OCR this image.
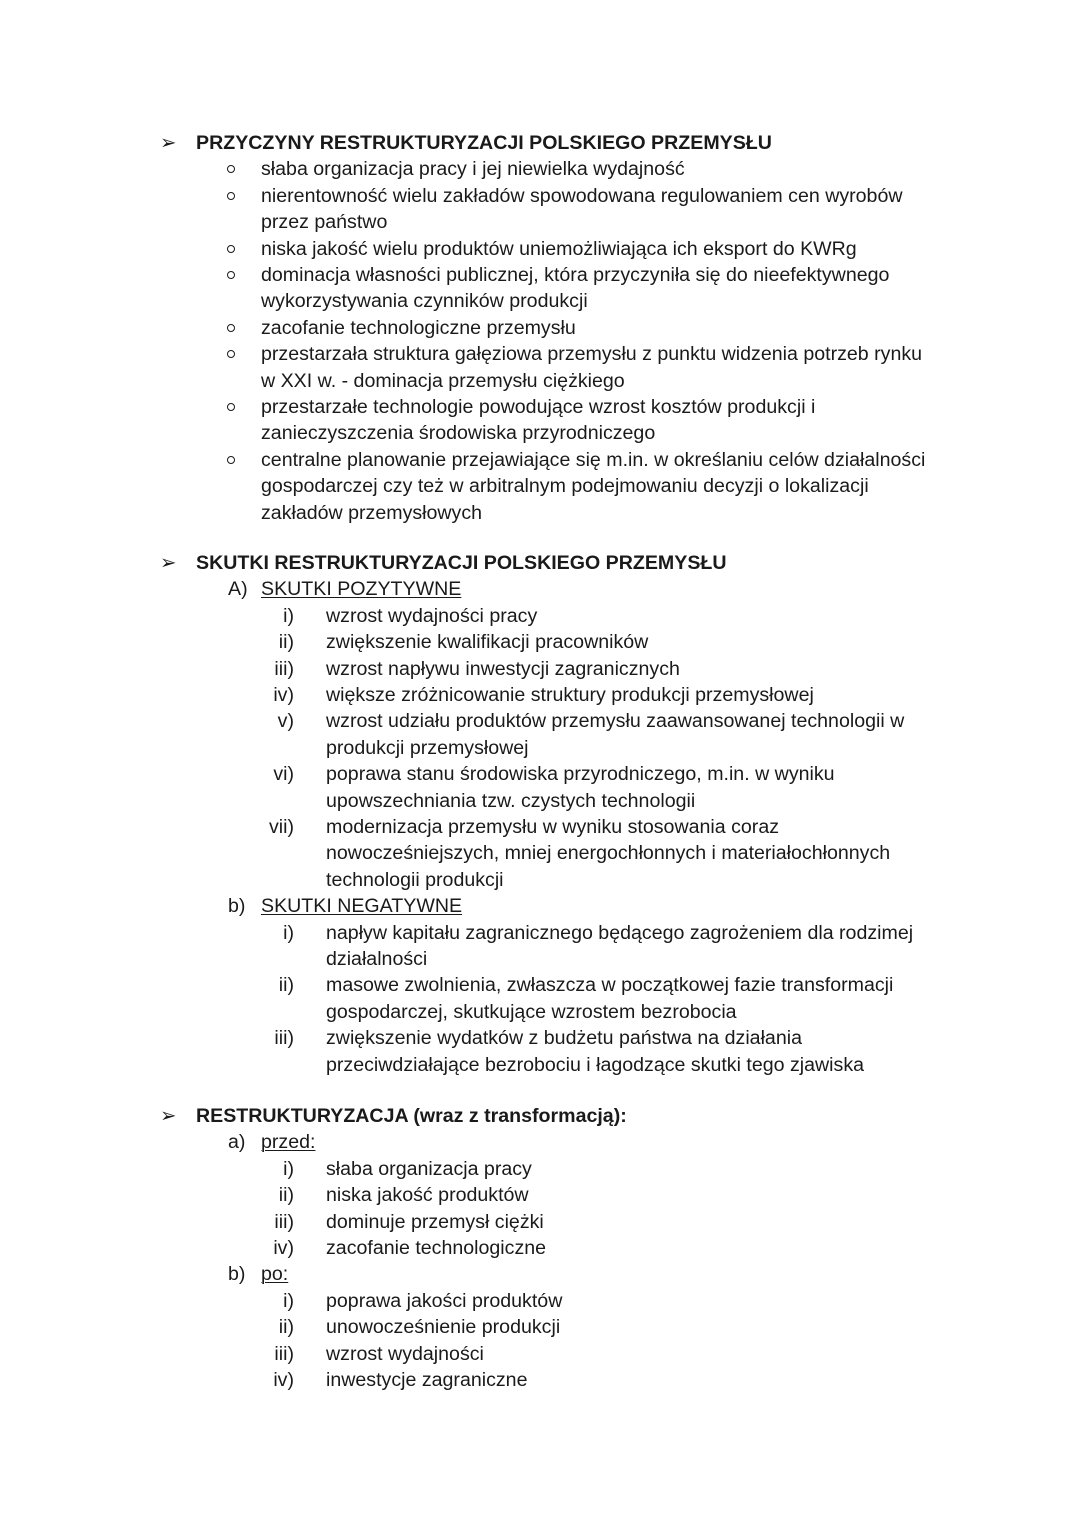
➢ PRZYCZYNY RESTRUKTURYZACJI POLSKIEGO PRZEMYSŁU
słaba organizacja pracy i jej niewielka wydajność
nierentowność wielu zakładów spowodowana regulowaniem cen wyrobów
przez państwo
niska jakość wielu produktów uniemożliwiająca ich eksport do KWRg
dominacja własności publicznej, która przyczyniła się do nieefektywnego
wykorzystywania czynników produkcji
zacofanie technologiczne przemysłu
przestarzała struktura gałęziowa przemysłu z punktu widzenia potrzeb rynku
w XXI w. - dominacja przemysłu ciężkiego
przestarzałe technologie powodujące wzrost kosztów produkcji i
zanieczyszczenia środowiska przyrodniczego
centralne planowanie przejawiające się m.in. w określaniu celów działalności
gospodarczej czy też w arbitralnym podejmowaniu decyzji o lokalizacji
zakładów przemysłowych
➢ SKUTKI RESTRUKTURYZACJI POLSKIEGO PRZEMYSŁU
A) SKUTKI POZYTYWNE
i) wzrost wydajności pracy
ii) zwiększenie kwalifikacji pracowników
iii) wzrost napływu inwestycji zagranicznych
iv) większe zróżnicowanie struktury produkcji przemysłowej
v) wzrost udziału produktów przemysłu zaawansowanej technologii w
produkcji przemysłowej
vi) poprawa stanu środowiska przyrodniczego, m.in. w wyniku
upowszechniania tzw. czystych technologii
vii) modernizacja przemysłu w wyniku stosowania coraz
nowocześniejszych, mniej energochłonnych i materiałochłonnych
technologii produkcji
b) SKUTKI NEGATYWNE
i) napływ kapitału zagranicznego będącego zagrożeniem dla rodzimej
działalności
ii) masowe zwolnienia, zwłaszcza w początkowej fazie transformacji
gospodarczej, skutkujące wzrostem bezrobocia
iii) zwiększenie wydatków z budżetu państwa na działania
przeciwdziałające bezrobociu i łagodzące skutki tego zjawiska
➢ RESTRUKTURYZACJA (wraz z transformacją):
a) przed:
i) słaba organizacja pracy
ii) niska jakość produktów
iii) dominuje przemysł ciężki
iv) zacofanie technologiczne
b) po:
i) poprawa jakości produktów
ii) unowocześnienie produkcji
iii) wzrost wydajności
iv) inwestycje zagraniczne
